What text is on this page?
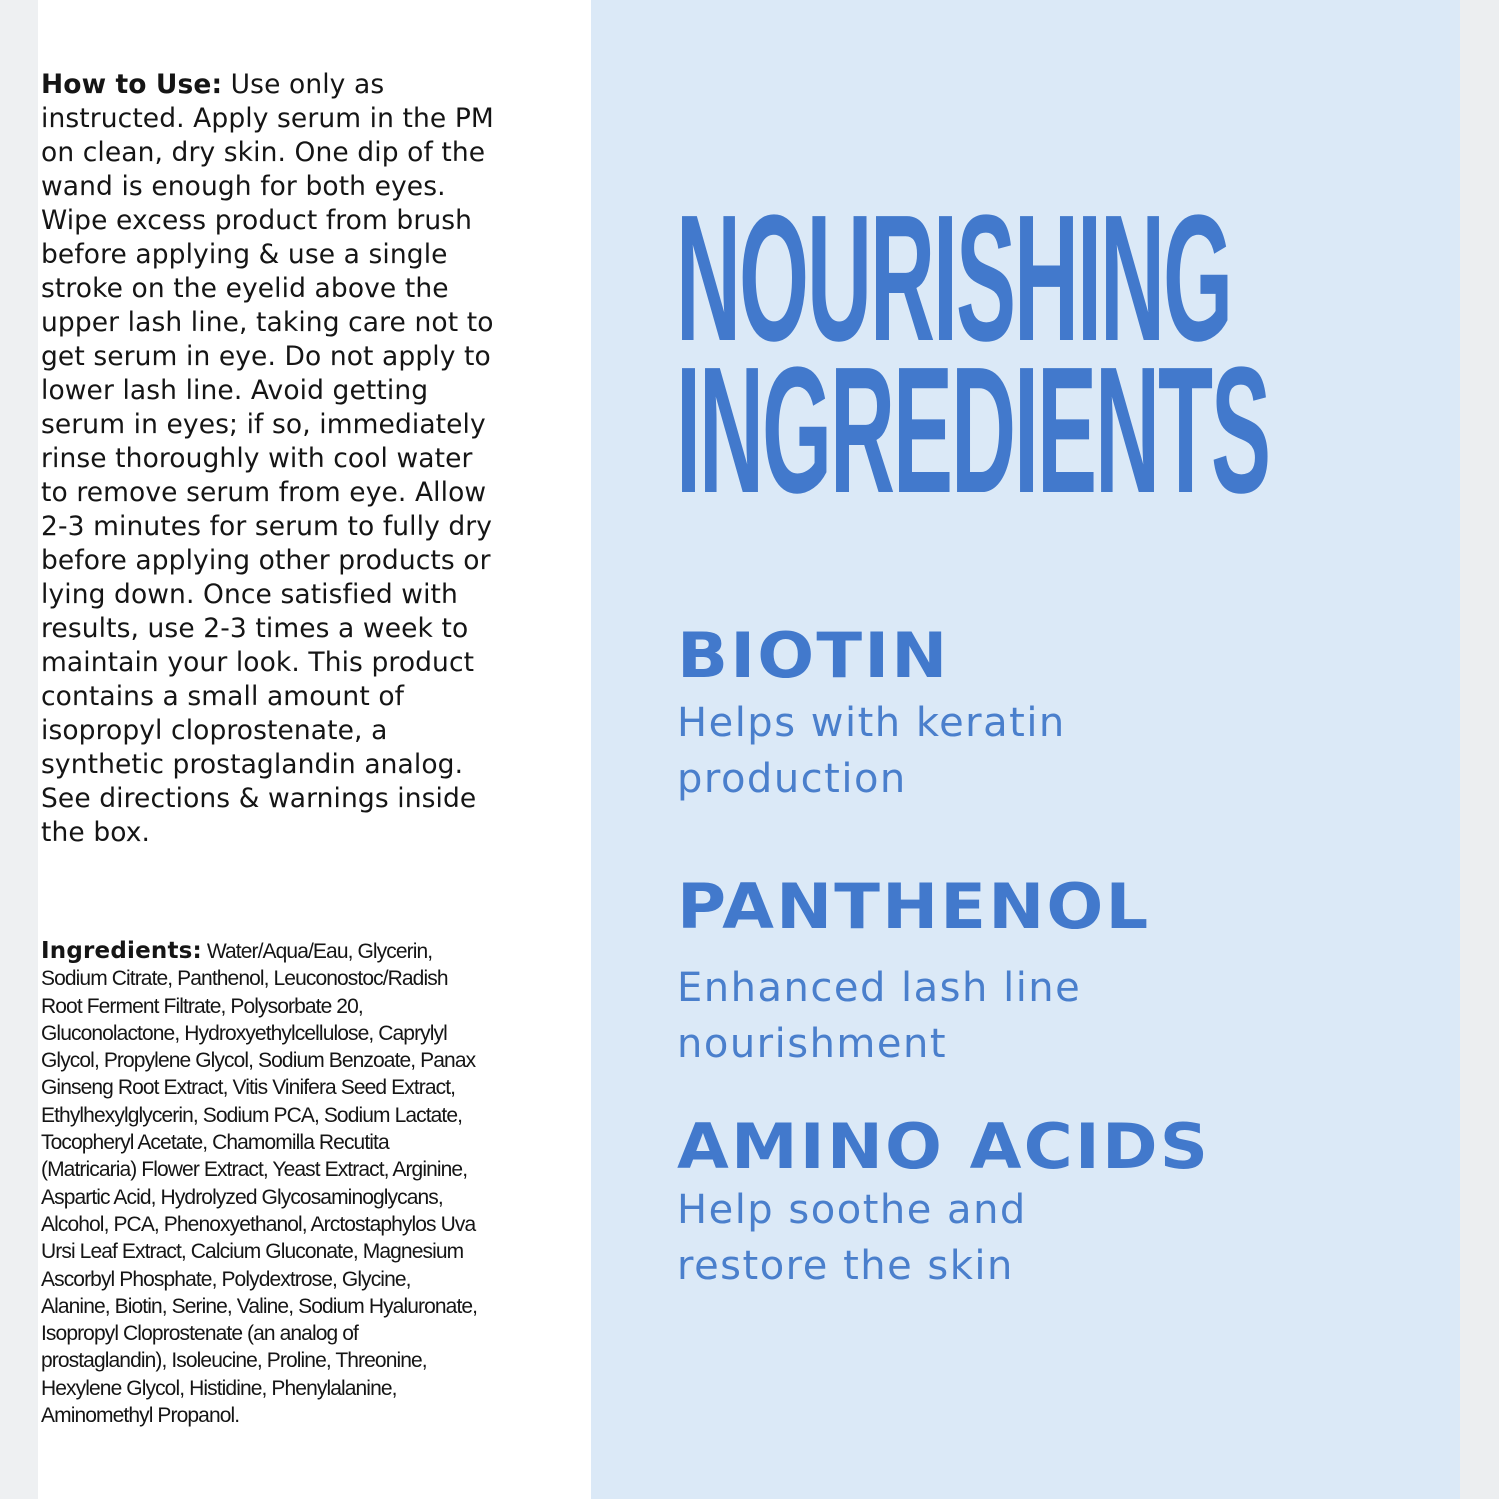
How to Use: Use only as instructed. Apply serum in the PM on clean, dry skin. One dip of the wand is enough for both eyes. Wipe excess product from brush before applying & use a single stroke on the eyelid above the upper lash line, taking care not to get serum in eye. Do not apply to lower lash line. Avoid getting serum in eyes; if so, immediately rinse thoroughly with cool water to remove serum from eye. Allow 2-3 minutes for serum to fully dry before applying other products or lying down. Once satisfied with results, use 2-3 times a week to maintain your look. This product contains a small amount of isopropyl cloprostenate, a synthetic prostaglandin analog. See directions & warnings inside the box.
Ingredients: Water/Aqua/Eau, Glycerin, Sodium Citrate, Panthenol, Leuconostoc/Radish Root Ferment Filtrate, Polysorbate 20, Gluconolactone, Hydroxyethylcellulose, Caprylyl Glycol, Propylene Glycol, Sodium Benzoate, Panax Ginseng Root Extract, Vitis Vinifera Seed Extract, Ethylhexylglycerin, Sodium PCA, Sodium Lactate, Tocopheryl Acetate, Chamomilla Recutita (Matricaria) Flower Extract, Yeast Extract, Arginine, Aspartic Acid, Hydrolyzed Glycosaminoglycans, Alcohol, PCA, Phenoxyethanol, Arctostaphylos Uva Ursi Leaf Extract, Calcium Gluconate, Magnesium Ascorbyl Phosphate, Polydextrose, Glycine, Alanine, Biotin, Serine, Valine, Sodium Hyaluronate, Isopropyl Cloprostenate (an analog of prostaglandin), Isoleucine, Proline, Threonine, Hexylene Glycol, Histidine, Phenylalanine, Aminomethyl Propanol.
NOURISHING
INGREDIENTS
BIOTIN
Helps with keratin
production
PANTHENOL
Enhanced lash line
nourishment
AMINO ACIDS
Help soothe and
restore the skin
